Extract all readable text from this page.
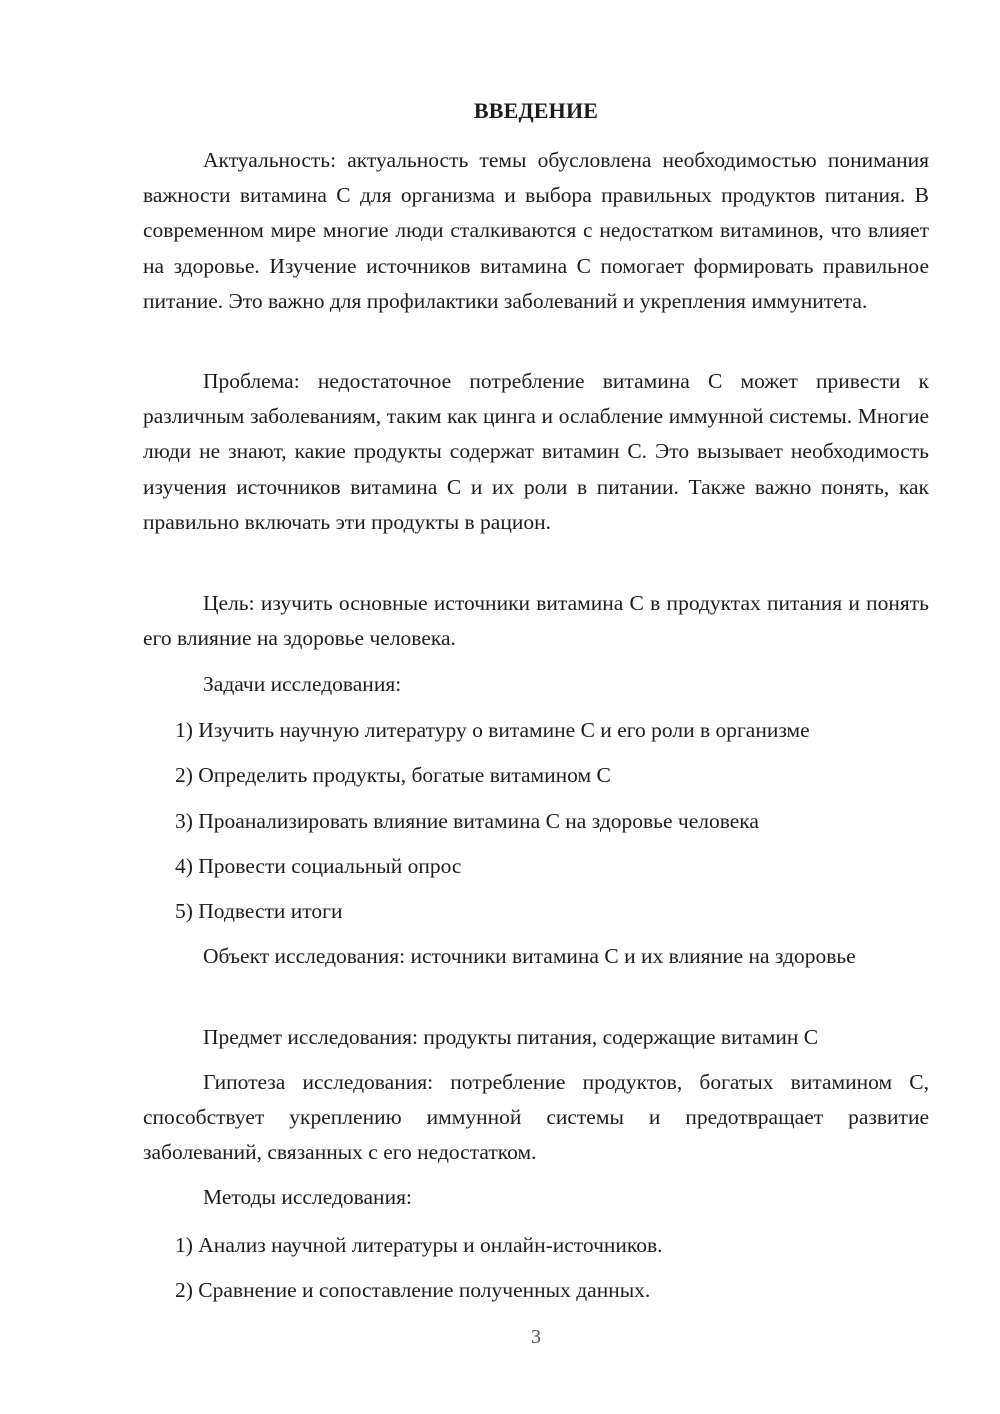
ВВЕДЕНИЕ

Актуальность: актуальность темы обусловлена необходимостью понимания важности витамина С для организма и выбора правильных продуктов питания. В современном мире многие люди сталкиваются с недостатком витаминов, что влияет на здоровье. Изучение источников витамина С помогает формировать правильное питание. Это важно для профилактики заболеваний и укрепления иммунитета.

Проблема: недостаточное потребление витамина С может привести к различным заболеваниям, таким как цинга и ослабление иммунной системы. Многие люди не знают, какие продукты содержат витамин С. Это вызывает необходимость изучения источников витамина С и их роли в питании. Также важно понять, как правильно включать эти продукты в рацион.

Цель: изучить основные источники витамина С в продуктах питания и понять его влияние на здоровье человека.

Задачи исследования:

1) Изучить научную литературу о витамине С и его роли в организме

2) Определить продукты, богатые витамином С

3) Проанализировать влияние витамина С на здоровье человека

4) Провести социальный опрос

5) Подвести итоги

Объект исследования: источники витамина С и их влияние на здоровье

Предмет исследования: продукты питания, содержащие витамин С

Гипотеза исследования: потребление продуктов, богатых витамином С, способствует укреплению иммунной системы и предотвращает развитие заболеваний, связанных с его недостатком.

Методы исследования:

1) Анализ научной литературы и онлайн-источников.

2) Сравнение и сопоставление полученных данных.

3
